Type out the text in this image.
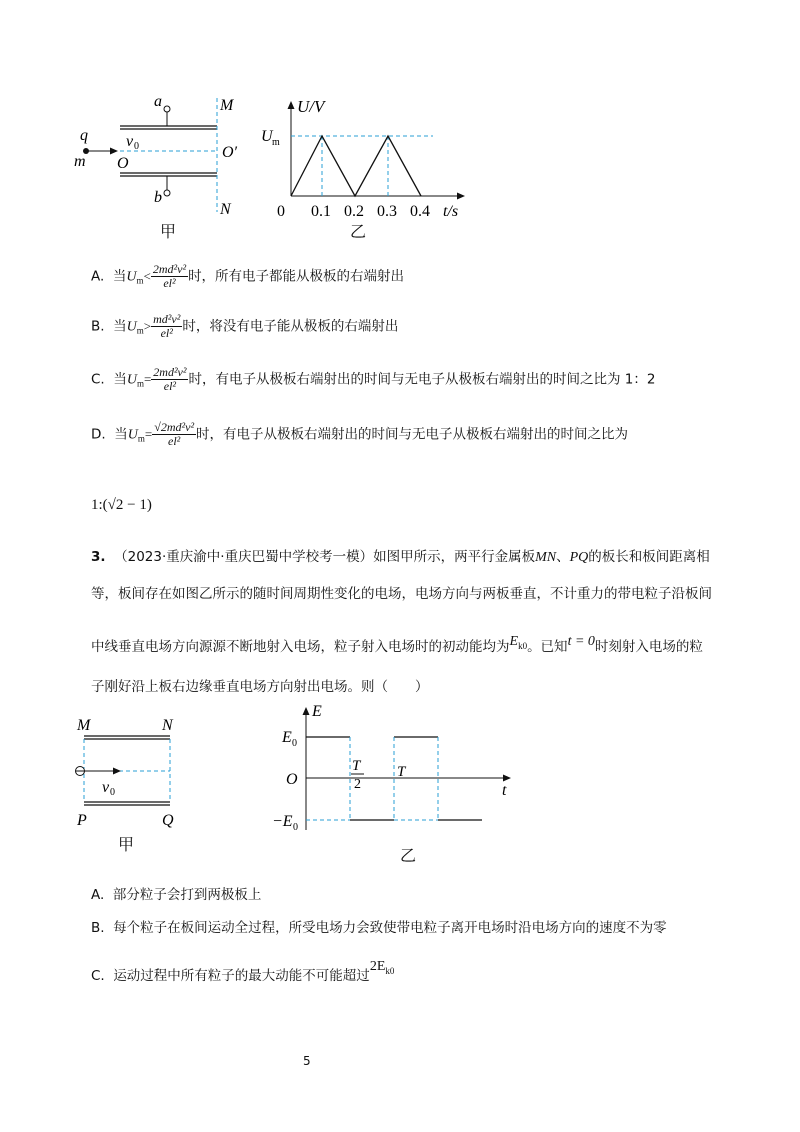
a
b
q
m
v 0
O
O′
M
N
甲
U/V
U m
0 0.1 0.2 0.3 0.4 t/s
乙
A. 当$U_m< \frac{\text{2md²v²}}{\text{el²}}$ 时，所有电子都能从极板的右端射出
B. 当$U_m> \frac{\text{md²v²}}{\text{el²}}$ 时，将没有电子能从极板的右端射出
C. 当$U_m= \frac{\text{2md²v²}}{\text{el²}}$ 时，有电子从极板右端射出的时间与无电子从极板右端射出的时间之比为 1：2
D. 当$U_m= \frac{\text{√2md²v²}}{\text{el²}}$ 时，有电子从极板右端射出的时间与无电子从极板右端射出的时间之比为
1:(√2 − 1)
3. （2023·重庆渝中·重庆巴蜀中学校考一模）如图甲所示，两平行金属板MN、PQ的板长和板间距离相
等，板间存在如图乙所示的随时间周期性变化的电场，电场方向与两板垂直，不计重力的带电粒子沿板间
中线垂直电场方向源源不断地射入电场，粒子射入电场时的初动能均为$E^{k0}$。已知t = 0时刻射入电场的粒
子刚好沿上板右边缘垂直电场方向射出电场。则（　　）
M	N
v 0
P	Q
甲
E
E 0
O
−E 0
T
2
T
t
乙
A. 部分粒子会打到两极板上
B. 每个粒子在板间运动全过程，所受电场力会致使带电粒子离开电场时沿电场方向的速度不为零
C. 运动过程中所有粒子的最大动能不可能超过$2E^{k0}$
5
